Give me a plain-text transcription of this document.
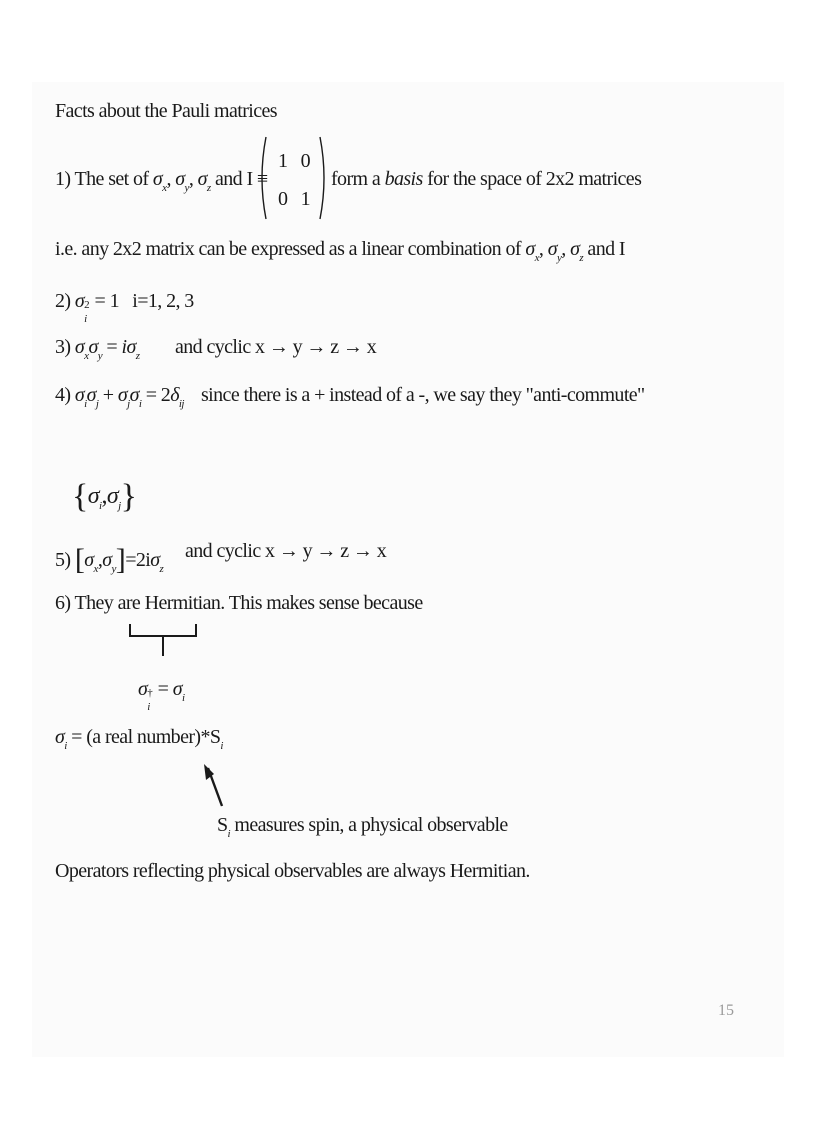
Facts about the Pauli matrices
1) The set of $\sigma_x$, $\sigma_y$, $\sigma_z$ and I ≡
1 0
0 1
form a basis for the space of 2x2 matrices
i.e. any 2x2 matrix can be expressed as a linear combination of $\sigma_x$, $\sigma_y$, $\sigma_z$ and I
2) σ 2
i
= 1 i=1, 2, 3
3) $\sigma_x\sigma_y = i\sigma_z$ and cyclic x → y → z → x
4) $\sigma_i\sigma_j + \sigma_j\sigma_i = 2\delta_{ij}$ since there is a + instead of a -, we say they "anti-commute"
$\{\sigma_i,\sigma_j\}$
5) $[\sigma_x,\sigma_y]=2i\sigma_z$
and cyclic x → y → z → x
6) They are Hermitian. This makes sense because
σ †
i
= $\sigma_i$
$\sigma_i = (a$ real $number)*S_i$
$S_i$ measures spin, a physical observable
Operators reflecting physical observables are always Hermitian.
15
